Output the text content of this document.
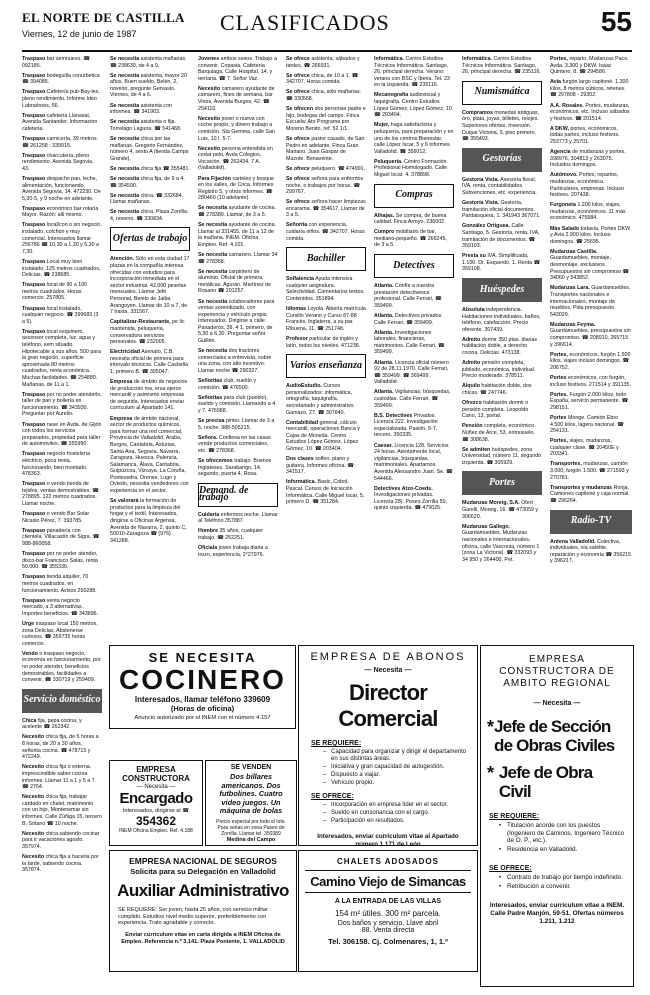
EL NORTE DE CASTILLA
Viernes, 12 de junio de 1987	CLASIFICADOS	55

Traspaso bar semnuevo. ☎ 092185.

Traspaso bodeguilla conurbetica ☎ 394085.

Traspaso Cafetería pub-Bay-les, pleno rendimiento. Informe Ideo Labradores, 56.

Traspaso cafetería Llanasat, Avenida Santander. Informacion cafeteria.

Traspaso carnicería, 39 metros. ☎ 261258 ; 339915.

Traspaso charcutería, pleno rendimiento, Avenida Segovia, 43.

Traspaso despacho pan, leche, alimentación, funcionando. Avenida Segovia, 14. 472230. De 5,30-5, y 9 noche en adelante.

Traspaso económico bar rotaría Mayor. Razón: allí mismo.

Traspaso local/con o sin negocio, instalado, colchón y muy comercial. Interesados llamar 256786 ☎ 10,30 a 1,30 y 5,30 a 7,30.

Traspaso Local muy bien instalado, 125 metros cuadrados, Delicias. ☎ 238685.

Traspaso local de 90 a 100 metros cuadrados. Horas comercio. 257805.

Traspaso local instalado, cualquier negocio. ☎ 399683 (3 a 5).

Traspaso local esquinero, ascensor completa, luz, agua y teléfono, sem situado. Hipotecable a sus años. 500 para la gran negocio, superficie aproximada 80 metros cuadrados, renta económica. Muchas facilidades. ☎ 254880. Mañanas, de 11 a 1.

Traspaso por no poder atenderlo, taller de pan y bollería en funcionamiento. ☎ 343930. Preguntar por Aurelio.

Traspaso nave en Avda. de Gijón con todos los servicios preparados, propiedad para taller de automóviles. ☎ 355990.

Traspaso negocio hostelería eléctrico, poca renta, funcionando, bien montado. 478363.

Traspaso o vendo tienda de tejidos, ventas demostrables. ☎ 278895. 122 metros cuadrados. Llamar noche.

Traspaso o vendo Bar Solar Nicasio Pérez, 7. 393785.

Traspaso panadería con clientela. Villacastín de Sigra. ☎ 988-860058.

Traspaso por no poder atender, disco-bar Francisco Salas, renta 50.000. ☎ 355336.

Traspaso tienda alquiler, 70 metros cuadrados, en funcionamiento. Avisos 250288.

Traspaso venta negocio mercado, a 3 alternativas. Importes beneficios. ☎ 343896.

Urge traspaso local 150 metros, zona Delicias. Abstenerse curiosos. ☎ 359735 horas comercio.

Vendo o traspaso negocio, economía en funcionamiento, por no poder atender, beneficios demostrables, facilidades a convenir. ☎ 330719 y 259409.

Servicio doméstico

Chica fija, pepa cocina, y acelente ☎ 262342.

Necesito chica fija, de 5 horas a 8 horas, de 20 a 30 años, señorita cocina. ☎ 478715 y 472249.

Necesito chica fija o externa, imprescindible saber cocina informes. Llamar 11 a 1 y 5 a 7. ☎ 2764.

Necesito chica fija, trabajar cardado en chalet, matrimonio con un hijo, Montenemar sin informes. Calle Zúñiga 15, tercero B, Sótano ☎ 10 noche.

Necesito chica sabiendo cocinar para ir vacaciones agosto. 357974.

Necesito chica fija a hacerla por la tarde, sabiendo cocina. 357874.

Se necesita asistenta mañanas. ☎ 238630, de 4 a 9.

Se necesita asistenta, mayor 20 años. Buen sueldo, Belén, 2, noveno, pregunte Gervasio. Viernes, de 4 a 6.

Se necesita asistenta con informes. ☎ 341903.

Se necesita asistenta o fija. Torrelago Laguna. ☎ 541468.

Se necesita chica por las mañanas. Gregorio Fernández, número 4, sexto A (tienda Campo Grande).

Se necesita chica fija ☎ 355481.

Se necesita chica fija, de 9 a 4. ☎ 354590.

Se necesita chica. ☎ 332684. Llamar mañanas.

Se necesita chica. Plaza Zorrilla, 4, noveno. ☎ 330834.

Ofertas de trabajo

Atención. Sólo en esta ciudad 17 plazas en la compañía interesa ofrecidas con estudios para incorporación inmediata en el sector industrial. 42.000 pesetas mensuales. Llamar Jefe Personal, Benito de Jaiba Arangoyen. Llamar de 10 a 7, de 7 hasta. 331567.

Capitalizar-Restaurante, pe lic mantenida, peluquería, conservadora servicios personales. ☎ 232005.

Electricidad Asenato, C.B. necesita oficial de primera para intervalo técnicos. Calle Casbella 1, primero B. ☎ 305047.

Empresa de ámbito de negocios de producción ma, ersa ejerce mercantil y asimismo empresas de segurida. Interesados enviar currículum al Apartado 141.

Empresa de ámbito nacional, sector de productos químicos, para formar una red comercial, Provincia de Valladolid, Araba, Burgos, Cantabria, Asturias, Santa Ana, Segovia, Navarra, Zaragoza, Huesca, Palencia, Salamanca, Álava, Cantabria, Guipúzcoa, Vizcaya, La Coruña, Pontevedra, Orense, Lugo y Oviedo, necesita vendedores con experiencia en el sector.

Se valorará la formación de productos para la limpieza del hogar y el textil. Interesados, dirigirse a Oficinas Argensa, Avenida de Navarra, 2, quinto C, 50010-Zaragoza ☎ (976) 341288.

Jovenes ambos sexos. Trabajo a convenir. Copasia, Cafetería Barquiaga, Calle Hospital, 14, y terriana. ☎ 7. Señor Vaz.

Necesito camarero ayudante de camarero, fines de semana, bar Vinos, Avenida Burgos, 42. ☎ 254110.

Necesito joven o nueva con coche propio, y dinero trabajo a comisión. Sta Gemma, calle San Luis, 10 I. 5-7.

Necesito persona entendida en cortar pelo, Avda Colegios, Vocación. ☎ 262434. 7 A. (Valladolid).

Para Fijación carteles y bosque en los valles, de Coca. Informes Registro 5, y otros informes. ☎ 280460 (10 adelante).

Se necesita ayudante de cocina. ☎ 278389. Llamar, de 3 a 5.

Se necesita ayudante de cocina. Llamar al 331455, de 11 a 12 de la mañana. INEM. Oficina Empleo. Ref. 4.101.

Se necesita camarero. Llamar 34 ☎ 278368.

Se necesita carpintero de aluminio. Oficial de primera, metálicas. Agurán. Martínez de Rosario ☎ 201257.

Se necesita colaboradores para ventas sorendizado, con experiencia y vehículo propio. Interesados. Dirigirse a calle Panaderos, 39, 4 1, primero, de 5,30 a 6,30. Preguntar señor Guillén.

Se necesita dos tractores comerciales a entrevista, sobre una zona, con alto incentivo. Llamar noche ☎ 290327.

Señoritas club, sueldo y comisión. ☎ 476500.

Señoritas para club (pueblo), sueldo y comisión. Llamando a 4 y 7. 476988.

Se precisa pintor. Llamar de 3 a 5, noche. 988-505215.

Señora. Confiesa en las casas vende productos comerciales, etc. ☎ 278368.

Se ofrecemos trabajo. Buenos Inglateses. Sarabango, 14, segundo, puerta 4, Rosa.

Demand. de trabajo

Cuidaría enfermos noche. Llamar al Teléfono 357887.

Hombre 35 años, cualquier trabajo. ☎ 252251.

Oficiala joven trabaja diaria a trozo, experiencia, 2°27976.

Se ofrece asistenta, sábados y tardes. ☎ 266931.

Se ofrece chica, de 10 a 1. ☎ 342707. Horas comida.

Se ofrece chica, sólo mañanas. ☎ 330568.

Se ofrecen dos personas padre e hijo, bodegas del campo. Finca Escuela: Ato Programa por Moreno Benito, ref. 52 1/1.

Se ofrece pastor casado, de San Pedro en adelante, Finca Gran Mariano. Juan Gaspar de Mazote. Benavente.

Se ofrece peluquero. ☎ 474991.

Se ofrece señora para enfermos noche, o trabajos por horas. ☎ 299767.

Se ofrece señora hacer limpiezas encarama. ☎ 354617. Llamar de 3 a 5.

Señorita con experiencia, cuidaría niños. ☎ 342707. Horas comida.

Bachiller

Solfalencia Ayuda intensiva cualquier asignatura. Selectividad. Comentarios textos. Contenidos. 351894.

Idiomas Loyola. Abierta matrícula Cursillo Verano y Curso 87-88 Francés, Inglaterra, a su par. Ribuena, 11. ☎ 251748.

Profesor particular de inglés y latín, todos los niveles. 471236.

Varios enseñanza

AudioEstudio. Cursos personalizados: informática, ortografía, taquigrafía, secretariado y administrativo. Gamazo, 27. ☎ 307840.

Contabilidad general, cálculo mercantil, operaciones Banca y Cajas de Moneda. Centro Estudios López Gómez, López Gómez, 10. ☎ 203404.

Dos clases solfeo, piano y guitarra. Informes oficina. ☎ 341517.

Informática. Basic, Cobol, Pascal. Cursos de Iniciación Informática. Calle Miguel Iscar, 5, primero D. ☎ 351284.

Informática. Centro Estudios Técnicos Informática. Santiago, 26, principal derecha. Verano: verano con BSC y Iberia. Tel. 23 en la izquierda. ☎ 235116.

Mecanografía audiovisual y taquigrafía. Centro Estudios López Gómez. López Gómez, 10. ☎ 203404.

Mujer, haga satisfactoria y peluquería, para preparación y en uno de los centros Bienestar, calle López Iscar, 5 y 6 informes. Valladolid. ☎ 356012.

Peluquería. Centro Formación Profesional Homologado. Calle Miguel Iscar. 4. 378898.

Compras

Alhajas. Se compra, de buena calidad. Finca Arroyo. 236002.

Compro mobiliario de bar, mediano-pequeño. ☎ 266245, de 3 a 5.

Detectives

Atlanta. Confíe a nuestra prestación detectivesca profesional. Calle Ferrari, ☎ 359499.

Atlanta. Detectives privados. Calle Ferrari. ☎ 359499.

Atlanta. Investigaciones laborales, financieras, matrimonios. Calle Ferrari, ☎ 359499.

Atlanta. Licencia oficial número 92 de 28.11.1970. Calle Ferrari, ☎ 359499. ☎ 369499. Valladolid.

Atlanta. Vigilancias, búsquedas, custodias. Calle Ferrari, ☎ 359499.

B.S. Detectives Privados. Licencia 222. Investigación especializada. Pasión, 5-7, tercero. 350335.

Caesar. Licencia 128. Servicios 24 horas. Atentamente local, vigilancias, búsquedas, matrimoniales. Apartamos. Avenida Alessandro Juan. Se. ☎ 544466.

Detectives Atzo-Coeds. Investigaciones privadas. Licencia 28). Poseo Zorrilla 50, quinto izquierda. ☎ 479025.

Informática. Centro Estudios Técnicos Informática. Santiago, 26, principal derecha. ☎ 235116.

Numismática

Compramos monedas antiguas, oro, plata, joyas, billetes, relojes. Superiores ofertas. Inversión. Duque Victoria, 3, piso primero. ☎ 355493.

Gestorías

Gestoría Vista. Asesoría fiscal, IVA, renta, contabilidades. Subvenciones, etc. experiencia.

Gestoría Vista. Gestoría, tramitación oficial documentos. Pardaisquera, 1. 341943 367071.

González Ortiguea. Calle Santiago, 5. Gestoría, renta, IVA, tramitación de documentos. ☎ 359103.

Presta su IVA. Simplificada, 1.100. Dr. Esquerdo, 1. Renta ☎ 359108.

Huéspedes

Absoluta independencia. Habitaciones individuales, baños, teléfono, calefacción. Precio oferente. 307439.

Admito dormir 350 ptas. diarias habitación doble, a derecho cocina. Delicias. 473138.

Admito pensión completa, jubilado, económica, individual. Precio moderado. 378511.

Alquilo habitación doble, dos chicas. ☎ 247746.

Ofrezco habitación dormir o pensión completa. Leopoldo Cano, 13, portal.

Pensión completa, económico. Núñez de Arce, 53, entresuelo. ☎ 308638.

Se admiten huéspedes, zona Universidad, número 11, segundo izquierda. ☎ 305929.

Portes

Mudanzas Moreig, S.A. Ofert Garelli, Moreig, 16. ☎ 473059 y 306620.

Mudanzas Gallego. Guardamuebles, Mudanzas nacionales e internacionales, oficina, calle Vasconia, número 1 (zona La Victoria). ☎ 332093 y 34 950 y 264400. Pet.

Portes, reparto. Mudanzas Paco. Avda. 3.300 y DKW. Isaac Quintero, 8. ☎ 294586.

Avia furgón largo capitonè. 1.300 kilos, 8 metros cúbicos, retenes. ☎ 297808 - 29302.

A.A. Rosales. Portes, mudanzas, económicos, etc. Incluso sábados y festivos. ☎ 201514.

A DKW, portes, económicos, todas partes, incluso festivos. 253773 y 25701.

Agencia de mudanzas y portes. 398976, 304813 y 263075. Incluidos domingos.

Autómovo. Portes, repartos, mudanzas, económica. Particulares, empresas. Incluso festivos. 207438.

Furgoneta 1.200 kilos, viajes, mudanzas, económicos. 11 más económico. 475984.

Más Salado todavía. Portes DKW y Avia 2.900 kilos. Incluso domingos. ☎ 25695.

Mudanzas Castilla. Guardamuebles, montaje, desmontaje, exclusivos. Presupuestos sin compromiso ☎ 34060 y 543852.

Mudanzas Lara. Guardamuebles. Transportes nacionales e internacionales, montaje de muebles. Pida presupuesto. 543029.

Mudanzas Feyma. Guardamuebles, presupuestos sin compromiso. ☎ 208910, 265715 y 396614.

Portes, económicos, furgón 1.500 kilos, viajes incluso domingos. ☎ 206752.

Portes económicos, con furgón, incluso festivos. 271514 y 391135.

Portes. Furgón 2.000 kilos, todo España, servicio permanente. ☎ 298151.

Portes Monge. Camión Ebro 4.500 kilos, lagera nacional. ☎ 254131.

Portes, viajes, mudanzas, cualquier clase. ☎ 20450E y 203341.

Transportes, mudanzas, camión 3.000, furgón 1.500. ☎ 271593 y 270781.

Transportes y mudanzas Ronja, Camiones capitoné y caja normal. ☎ 296264.

Radio-TV

Antena Valladolid. Colectiva, individuales, vía satélite, reparación y economía ☎ 356215 y 396217.

SE NECESITA
COCINERO
Interesados, llamar teléfono 339609
(Horas de oficina)
Anuncio autorizado por el INEM con el número 4.157
EMPRESA CONSTRUCTORA
— Necesita —
Encargado
Interesados, dirigirse al ☎
354362
INEM Oficina Empleo. Ref. 4.188
SE VENDEN
Dos billares americanos. Dos futbolines. Cuatro video juegos. Un máquina de bolas
Precio especial por todo el lote.
Para verlas en zona Paseo de Zorrilla. Llamar tel. 350389
Medina del Campo
EMPRESA DE ABONOS
— Necesita —
Director Comercial
SE REQUIERE:
– Capacidad para organizar y dirigir el departamento en sus distintas áreas.
– Iniciativa y gran capacidad de autogestión.
– Dispuesto a viajar.
– Vehículo propio.
SE OFRECE:
– Incorporación en empresa líder en el sector.
– Sueldo en consonancia con el cargo.
– Participación en resultados.
Interesados, enviar currículum vitae al Apartado número 1.171 de León
EMPRESA CONSTRUCTORA DE AMBITO REGIONAL
— Necesita —
* Jefe de Sección de Obras Civiles
* Jefe de Obra Civil
SE REQUIERE:
• Titulación acorde con los puestos (Ingeniero de Caminos, Ingeniero Técnico de O. P., etc.).
• Residencia en Valladolid.
SE OFRECE:
• Contrato de trabajo por tiempo indefinido.
• Retribución a convenir.
Interesados, enviar currículum vitae a INEM. Calle Padre Manjón, 59-51. Ofertas números 1.211, 1.212
EMPRESA NACIONAL DE SEGUROS
Solicita para su Delegación en Valladolid
Auxiliar Administrativo
SE REQUIERE: Ser joven, hasta 25 años, con servicio militar cumplido. Estudios nivel medio superior, preferiblemente con experiencia. Trato agradable y correcto.
Enviar currículum vitae en carta dirigida a INEM Oficina de Empleo. Referencia n.º 3.141. Plaza Poniente, 1. VALLADOLID
CHALETS ADOSADOS
Camino Viejo de Simancas
A LA ENTRADA DE LAS VILLAS
154 m² útiles. 300 m² parcela.
Dos baños y servicio. Llave abril
88. Venta directa
Tel. 306158. Cj. Colmenares, 1, 1.º
